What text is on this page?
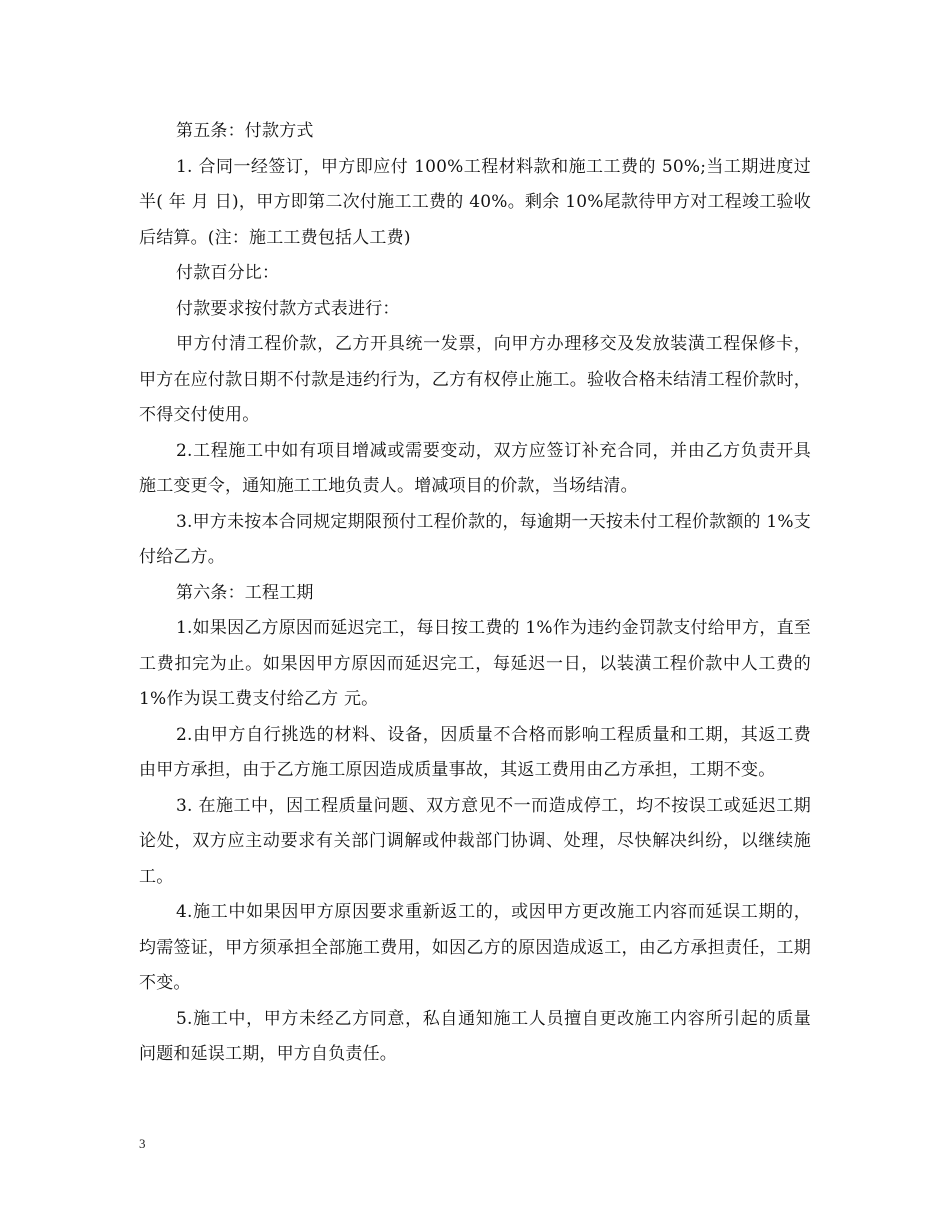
第五条：付款方式

1. 合同一经签订，甲方即应付 100%工程材料款和施工工费的 50%;当工期进度过半( 年 月 日)，甲方即第二次付施工工费的 40%。剩余 10%尾款待甲方对工程竣工验收后结算。(注：施工工费包括人工费)

付款百分比：

付款要求按付款方式表进行：

甲方付清工程价款，乙方开具统一发票，向甲方办理移交及发放装潢工程保修卡，甲方在应付款日期不付款是违约行为，乙方有权停止施工。验收合格未结清工程价款时，不得交付使用。

2.工程施工中如有项目增减或需要变动，双方应签订补充合同，并由乙方负责开具施工变更令，通知施工工地负责人。增减项目的价款，当场结清。

3.甲方未按本合同规定期限预付工程价款的，每逾期一天按未付工程价款额的 1%支付给乙方。

第六条：工程工期

1.如果因乙方原因而延迟完工，每日按工费的 1%作为违约金罚款支付给甲方，直至工费扣完为止。如果因甲方原因而延迟完工，每延迟一日，以装潢工程价款中人工费的 1%作为误工费支付给乙方 元。

2.由甲方自行挑选的材料、设备，因质量不合格而影响工程质量和工期，其返工费由甲方承担，由于乙方施工原因造成质量事故，其返工费用由乙方承担，工期不变。

3. 在施工中，因工程质量问题、双方意见不一而造成停工，均不按误工或延迟工期论处，双方应主动要求有关部门调解或仲裁部门协调、处理，尽快解决纠纷，以继续施工。

4.施工中如果因甲方原因要求重新返工的，或因甲方更改施工内容而延误工期的，均需签证，甲方须承担全部施工费用，如因乙方的原因造成返工，由乙方承担责任，工期不变。

5.施工中，甲方未经乙方同意，私自通知施工人员擅自更改施工内容所引起的质量问题和延误工期，甲方自负责任。

3
